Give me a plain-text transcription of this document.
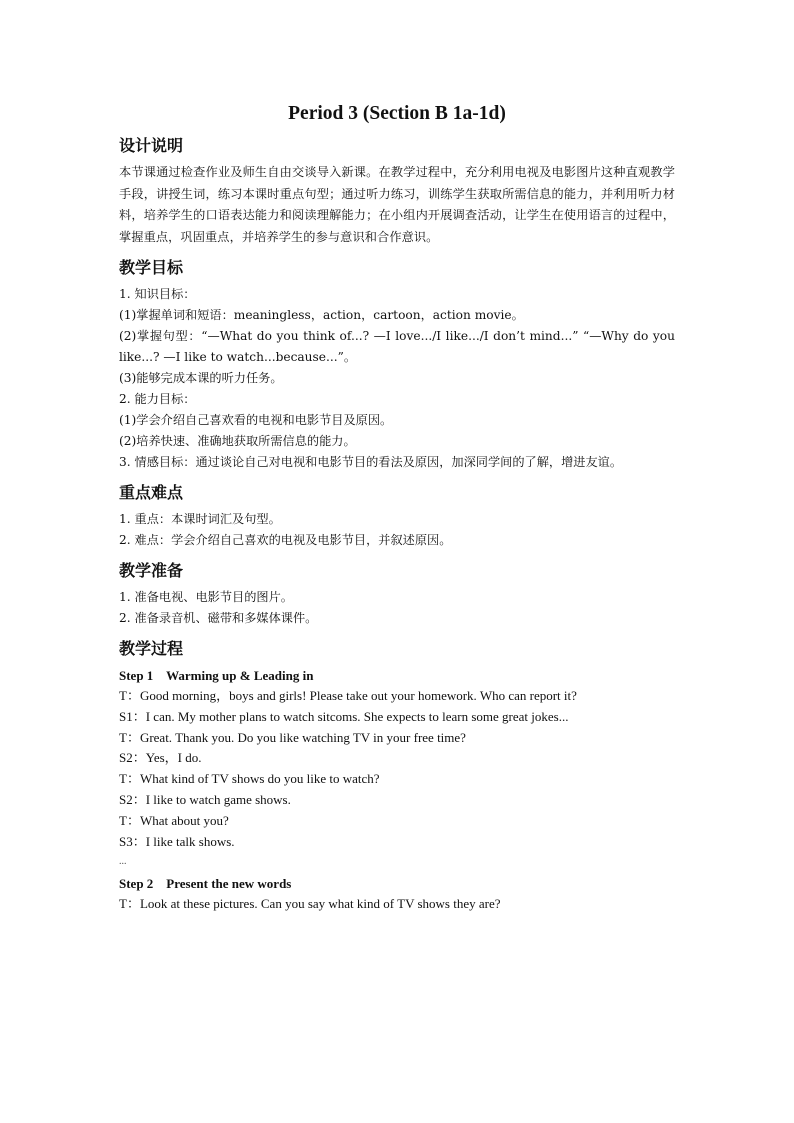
Period 3 (Section B 1a-1d)
设计说明

本节课通过检查作业及师生自由交谈导入新课。在教学过程中，充分利用电视及电影图片这种直观教学手段，讲授生词，练习本课时重点句型；通过听力练习，训练学生获取所需信息的能力，并利用听力材料，培养学生的口语表达能力和阅读理解能力；在小组内开展调查活动，让学生在使用语言的过程中，掌握重点，巩固重点，并培养学生的参与意识和合作意识。

教学目标

1. 知识目标：

(1)掌握单词和短语：meaningless，action，cartoon，action movie。

(2)掌握句型：“—What do you think of...? —I love.../I like.../I don’t mind...” “—Why do you like...? —I like to watch...because...”。

(3)能够完成本课的听力任务。

2. 能力目标：

(1)学会介绍自己喜欢看的电视和电影节目及原因。

(2)培养快速、准确地获取所需信息的能力。

3. 情感目标：通过谈论自己对电视和电影节目的看法及原因，加深同学间的了解，增进友谊。

重点难点

1. 重点：本课时词汇及句型。

2. 难点：学会介绍自己喜欢的电视及电影节目，并叙述原因。

教学准备

1. 准备电视、电影节目的图片。

2. 准备录音机、磁带和多媒体课件。

教学过程

Step 1    Warming up & Leading in

T：Good morning，boys and girls! Please take out your homework. Who can report it?

S1：I can. My mother plans to watch sitcoms. She expects to learn some great jokes...

T：Great. Thank you. Do you like watching TV in your free time?

S2：Yes，I do.

T：What kind of TV shows do you like to watch?

S2：I like to watch game shows.

T：What about you?

S3：I like talk shows.

...

Step 2    Present the new words

T：Look at these pictures. Can you say what kind of TV shows they are?
